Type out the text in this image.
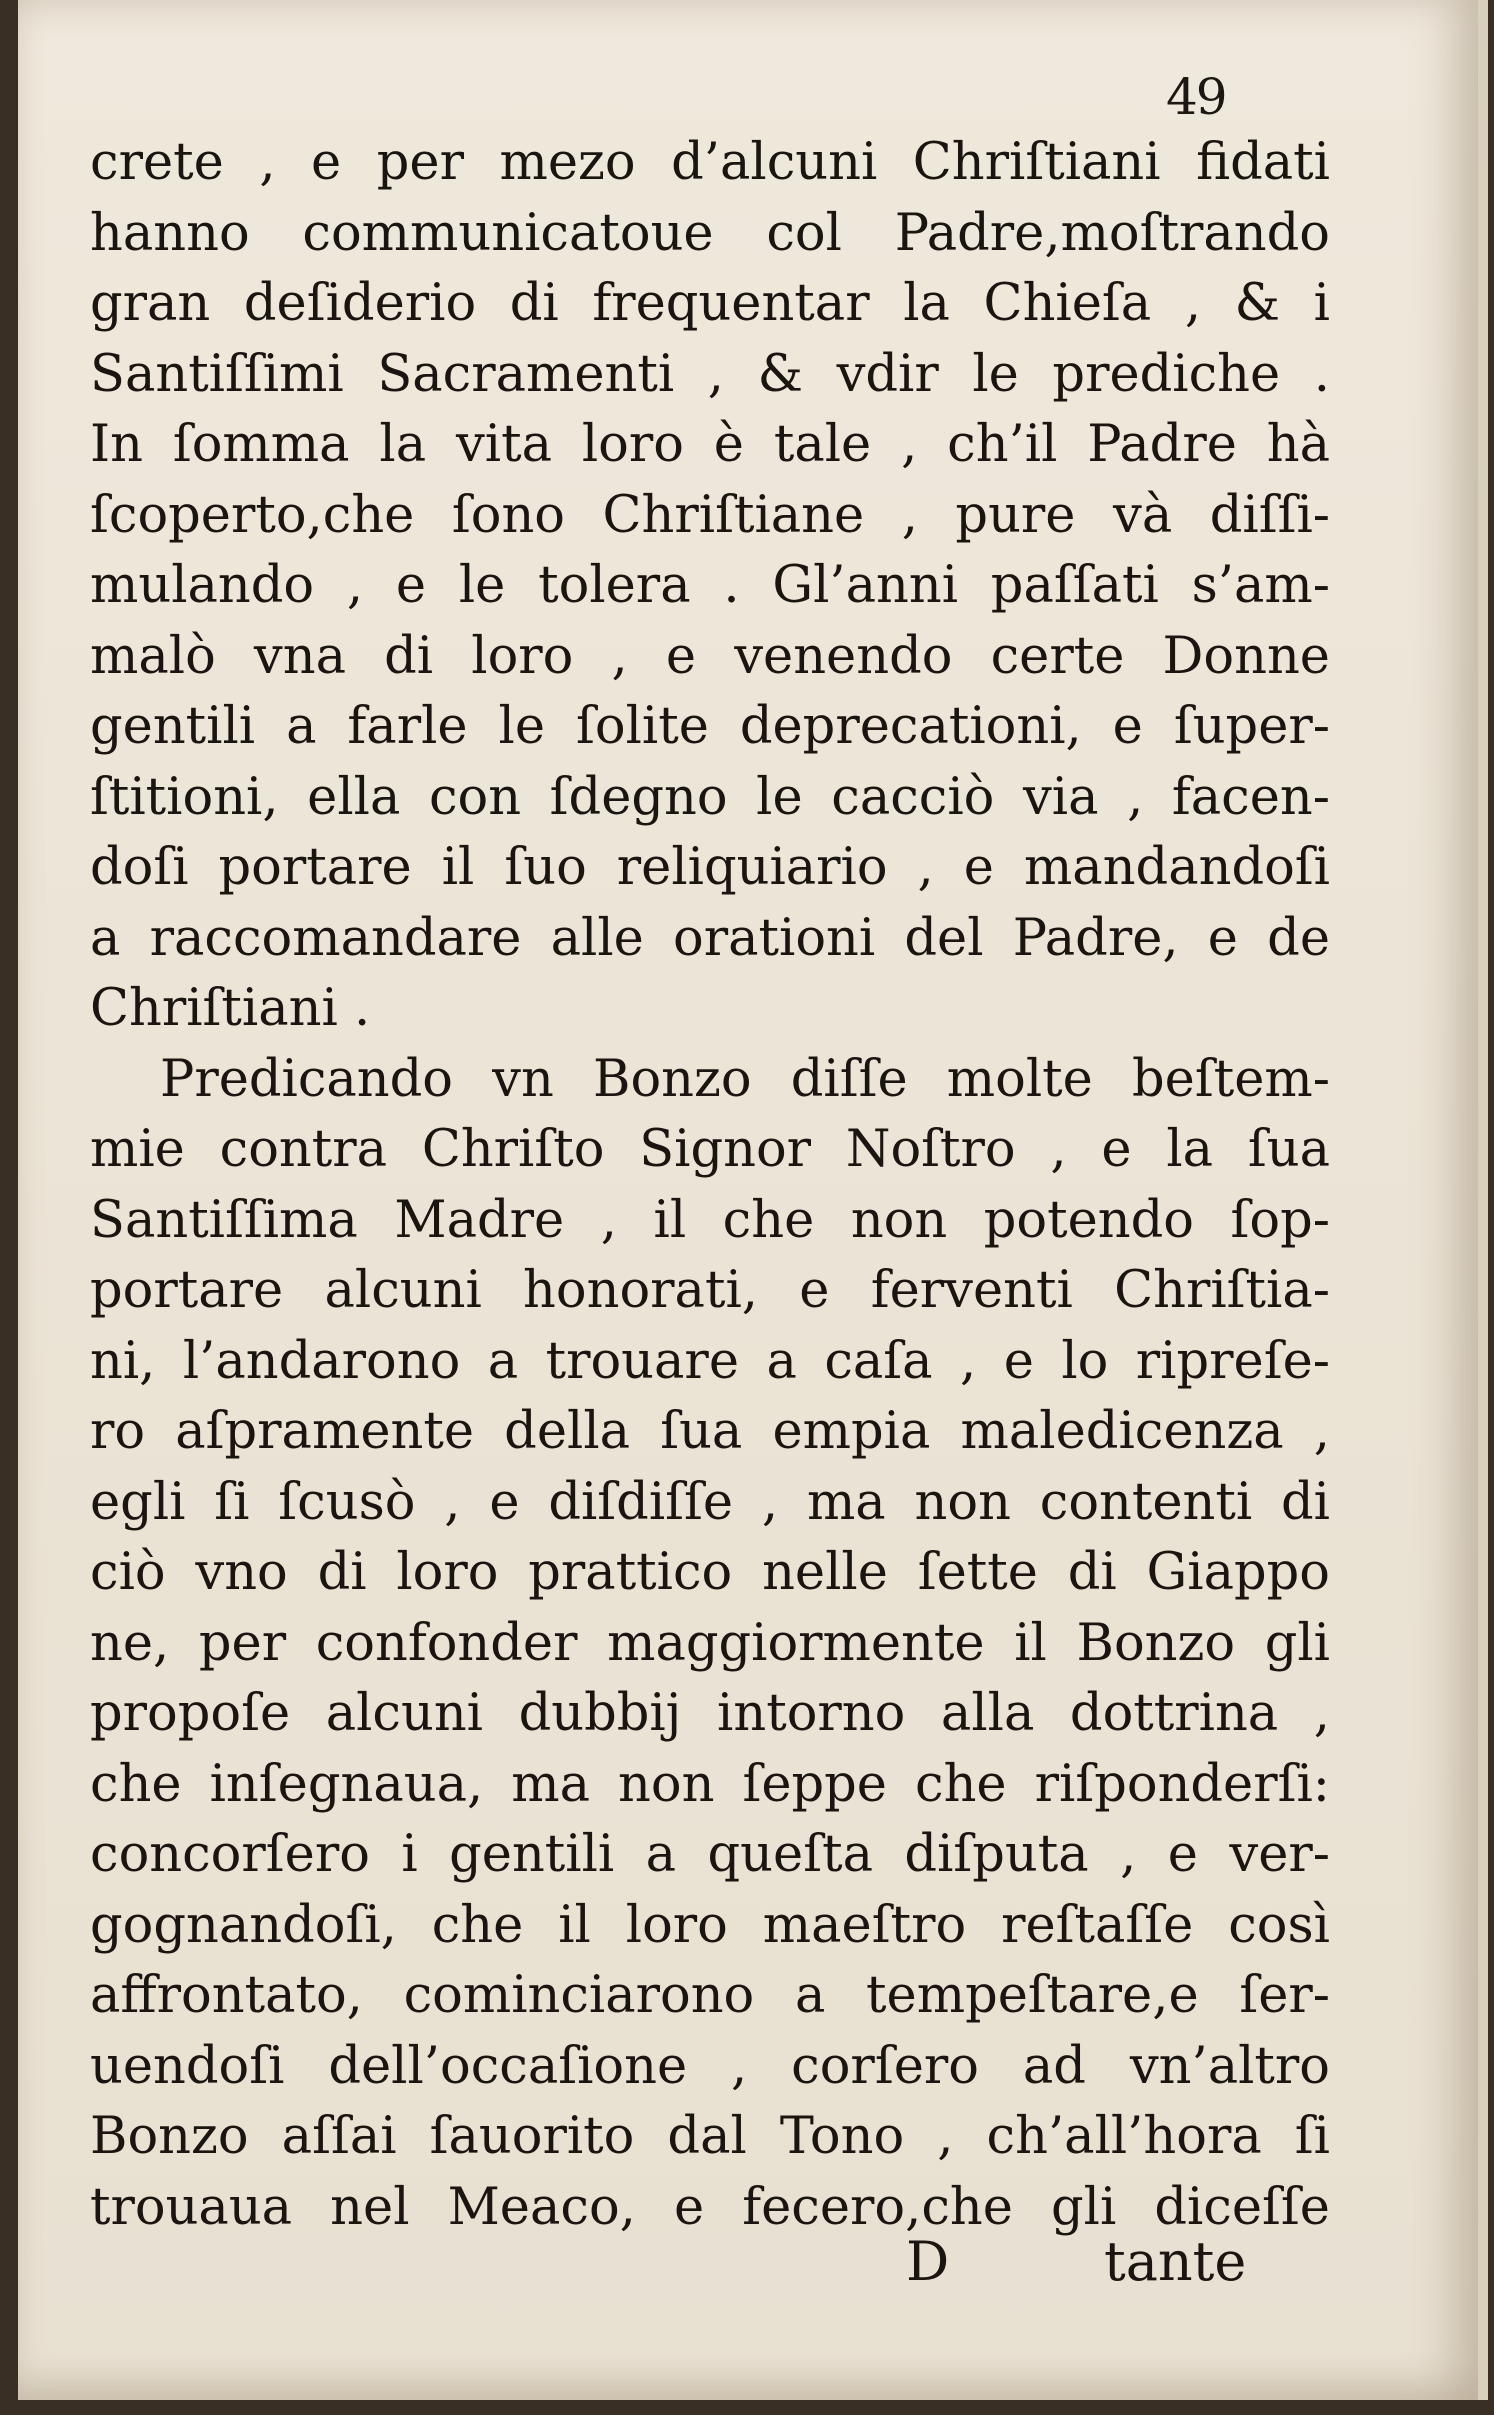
49
crete , e per mezo d’alcuni Chriſtiani fidati
hanno communicatoue col Padre,moſtrando
gran deſiderio di frequentar la Chieſa , & i
Santiſſimi Sacramenti , & vdir le prediche .
In ſomma la vita loro è tale , ch’il Padre hà
ſcoperto,che ſono Chriſtiane , pure và diſſi-
mulando , e le tolera . Gl’anni paſſati s’am-
malò vna di loro , e venendo certe Donne
gentili a farle le ſolite deprecationi, e ſuper-
ſtitioni, ella con ſdegno le cacciò via , facen-
doſi portare il ſuo reliquiario , e mandandoſi
a raccomandare alle orationi del Padre, e de
Chriſtiani .
Predicando vn Bonzo diſſe molte beſtem-
mie contra Chriſto Signor Noſtro , e la ſua
Santiſſima Madre , il che non potendo ſop-
portare alcuni honorati, e ferventi Chriſtia-
ni, l’andarono a trouare a caſa , e lo ripreſe-
ro aſpramente della ſua empia maledicenza ,
egli ſi ſcusò , e diſdiſſe , ma non contenti di
ciò vno di loro prattico nelle ſette di Giappo
ne, per confonder maggiormente il Bonzo gli
propoſe alcuni dubbij intorno alla dottrina ,
che inſegnaua, ma non ſeppe che riſponderſi:
concorſero i gentili a queſta diſputa , e ver-
gognandoſi, che il loro maeſtro reſtaſſe così
affrontato, cominciarono a tempeſtare,e ſer-
uendoſi dell’occaſione , corſero ad vn’altro
Bonzo aſſai ſauorito dal Tono , ch’all’hora ſi
trouaua nel Meaco, e fecero,che gli diceſſe
D	tante
